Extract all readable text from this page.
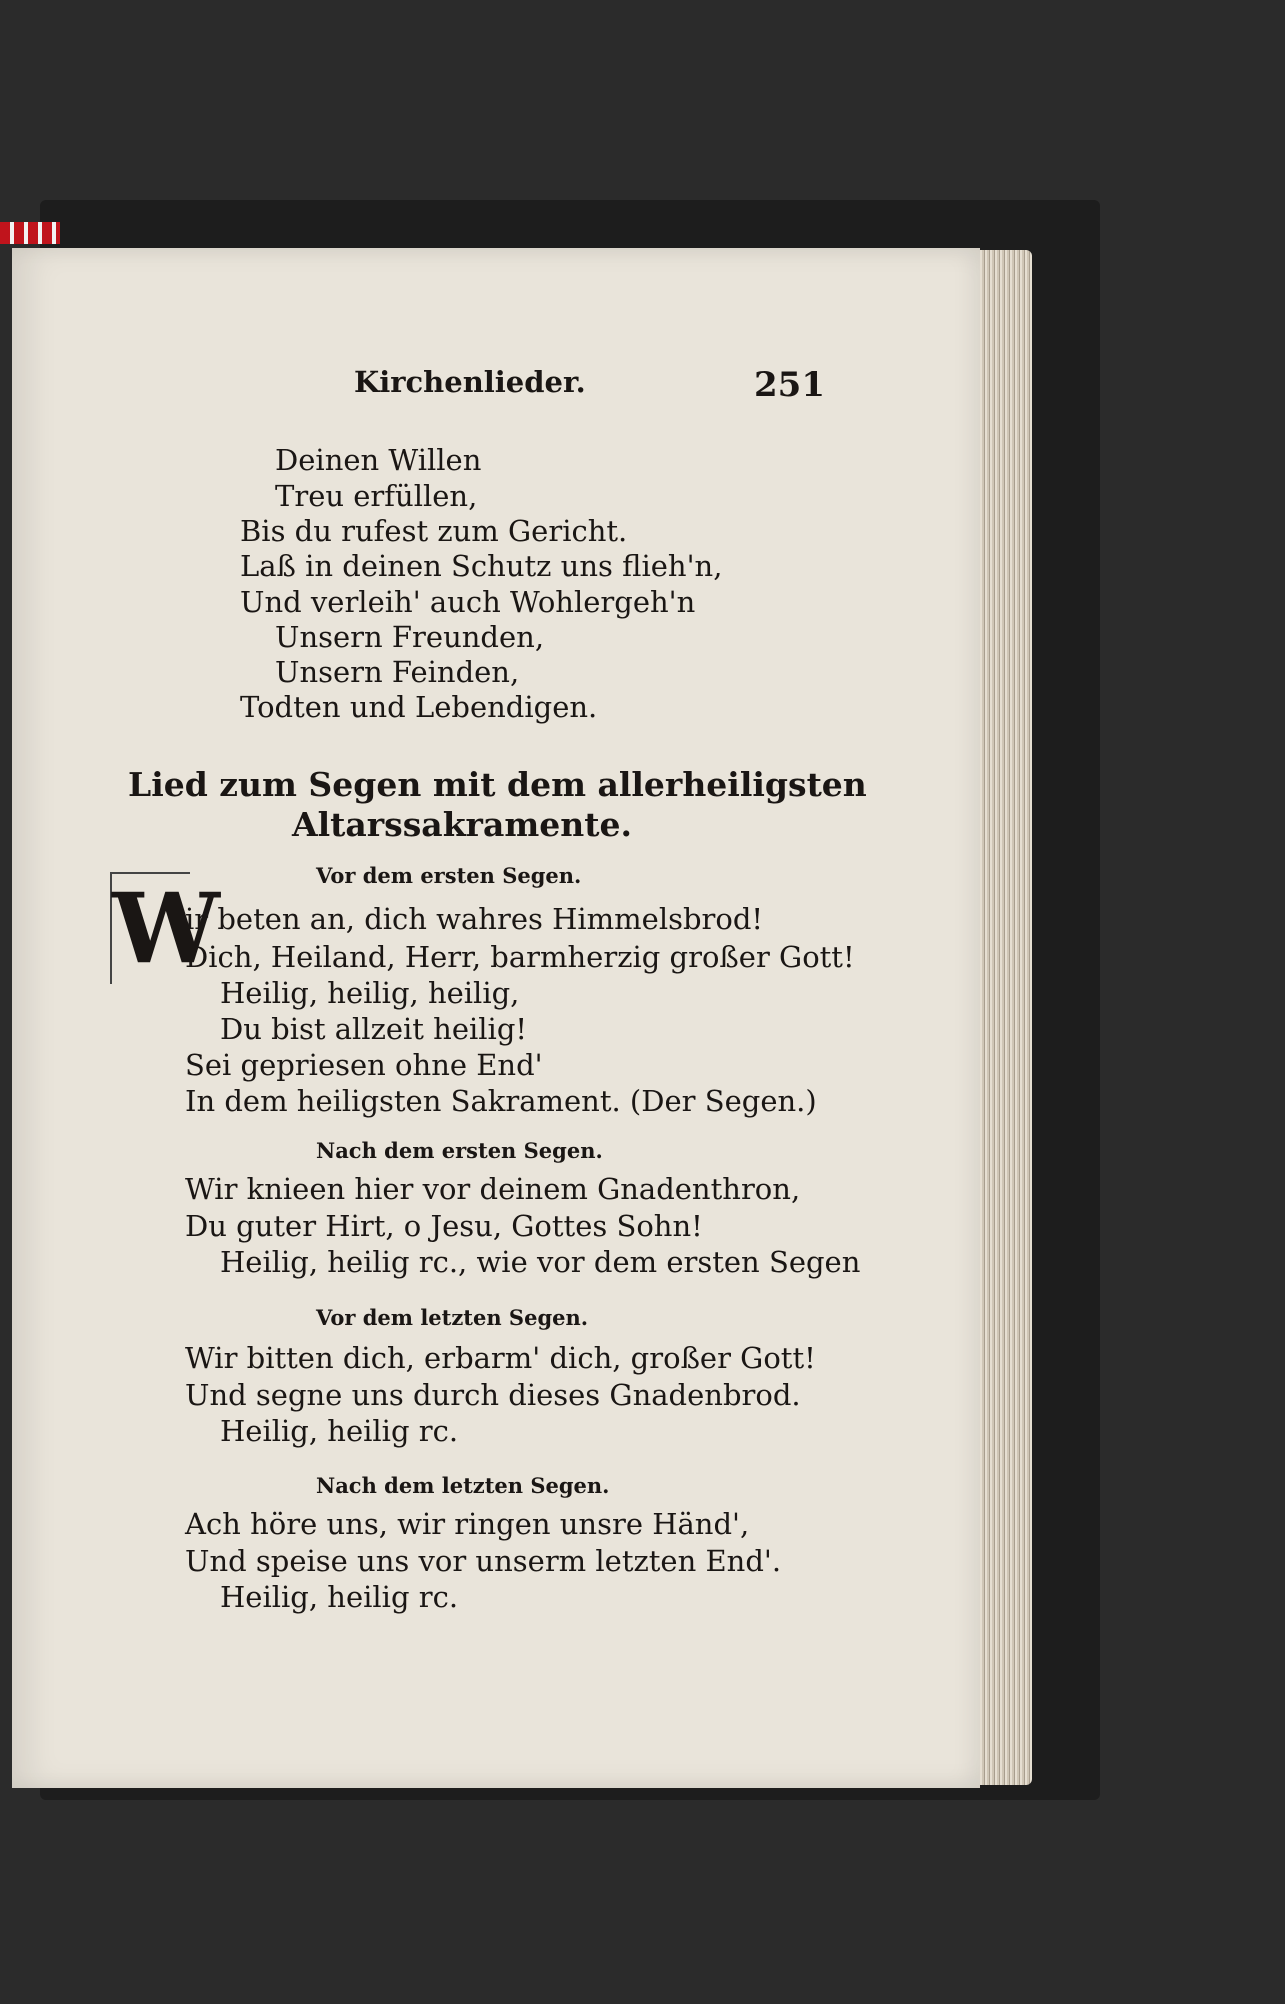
Kirchenlieder.	251
Deinen Willen
Treu erfüllen,
Bis du rufest zum Gericht.
Laß in deinen Schutz uns flieh'n,
Und verleih' auch Wohlergeh'n
Unsern Freunden,
Unsern Feinden,
Todten und Lebendigen.
Lied zum Segen mit dem allerheiligsten
Altarssakramente.
Vor dem ersten Segen.
W
ir beten an, dich wahres Himmelsbrod!
Dich, Heiland, Herr, barmherzig großer Gott!
Heilig, heilig, heilig,
Du bist allzeit heilig!
Sei gepriesen ohne End'
In dem heiligsten Sakrament. (Der Segen.)
Nach dem ersten Segen.
Wir knieen hier vor deinem Gnadenthron,
Du guter Hirt, o Jesu, Gottes Sohn!
Heilig, heilig rc., wie vor dem ersten Segen
Vor dem letzten Segen.
Wir bitten dich, erbarm' dich, großer Gott!
Und segne uns durch dieses Gnadenbrod.
Heilig, heilig rc.
Nach dem letzten Segen.
Ach höre uns, wir ringen unsre Händ',
Und speise uns vor unserm letzten End'.
Heilig, heilig rc.
